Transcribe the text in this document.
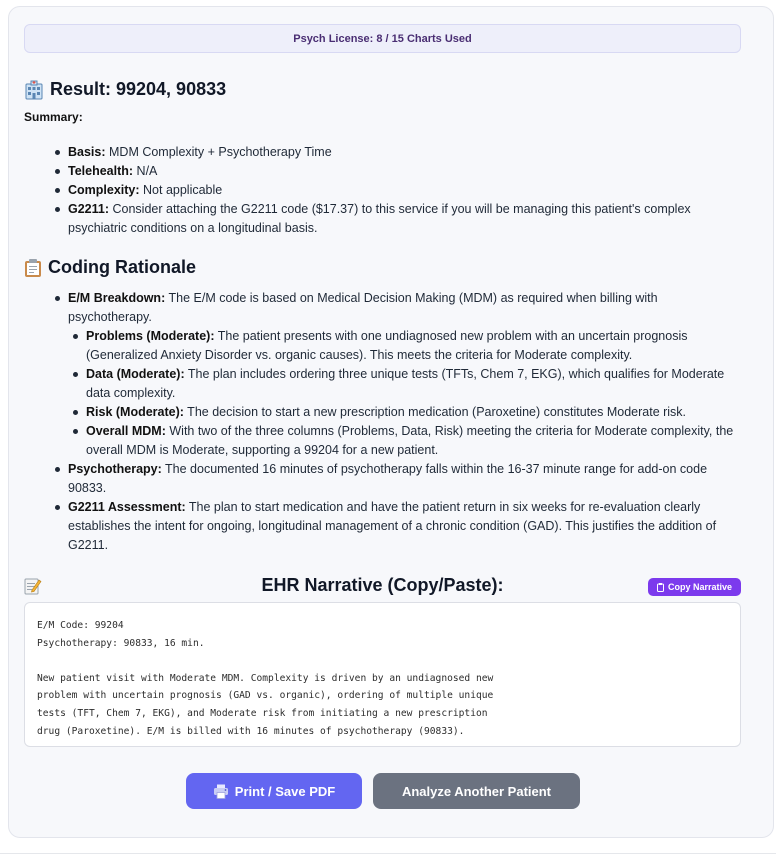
Psych License: 8 / 15 Charts Used
Result: 99204, 90833
Summary:
Basis: MDM Complexity + Psychotherapy Time
Telehealth: N/A
Complexity: Not applicable
G2211: Consider attaching the G2211 code ($17.37) to this service if you will be managing this patient's complex psychiatric conditions on a longitudinal basis.
Coding Rationale
E/M Breakdown: The E/M code is based on Medical Decision Making (MDM) as required when billing with psychotherapy.
Problems (Moderate): The patient presents with one undiagnosed new problem with an uncertain prognosis (Generalized Anxiety Disorder vs. organic causes). This meets the criteria for Moderate complexity.
Data (Moderate): The plan includes ordering three unique tests (TFTs, Chem 7, EKG), which qualifies for Moderate data complexity.
Risk (Moderate): The decision to start a new prescription medication (Paroxetine) constitutes Moderate risk.
Overall MDM: With two of the three columns (Problems, Data, Risk) meeting the criteria for Moderate complexity, the overall MDM is Moderate, supporting a 99204 for a new patient.
Psychotherapy: The documented 16 minutes of psychotherapy falls within the 16-37 minute range for add-on code 90833.
G2211 Assessment: The plan to start medication and have the patient return in six weeks for re-evaluation clearly establishes the intent for ongoing, longitudinal management of a chronic condition (GAD). This justifies the addition of G2211.
EHR Narrative (Copy/Paste):	Copy Narrative
E/M Code: 99204
Psychotherapy: 90833, 16 min.

New patient visit with Moderate MDM. Complexity is driven by an undiagnosed new
problem with uncertain prognosis (GAD vs. organic), ordering of multiple unique
tests (TFT, Chem 7, EKG), and Moderate risk from initiating a new prescription
drug (Paroxetine). E/M is billed with 16 minutes of psychotherapy (90833).
Print / Save PDF	Analyze Another Patient
